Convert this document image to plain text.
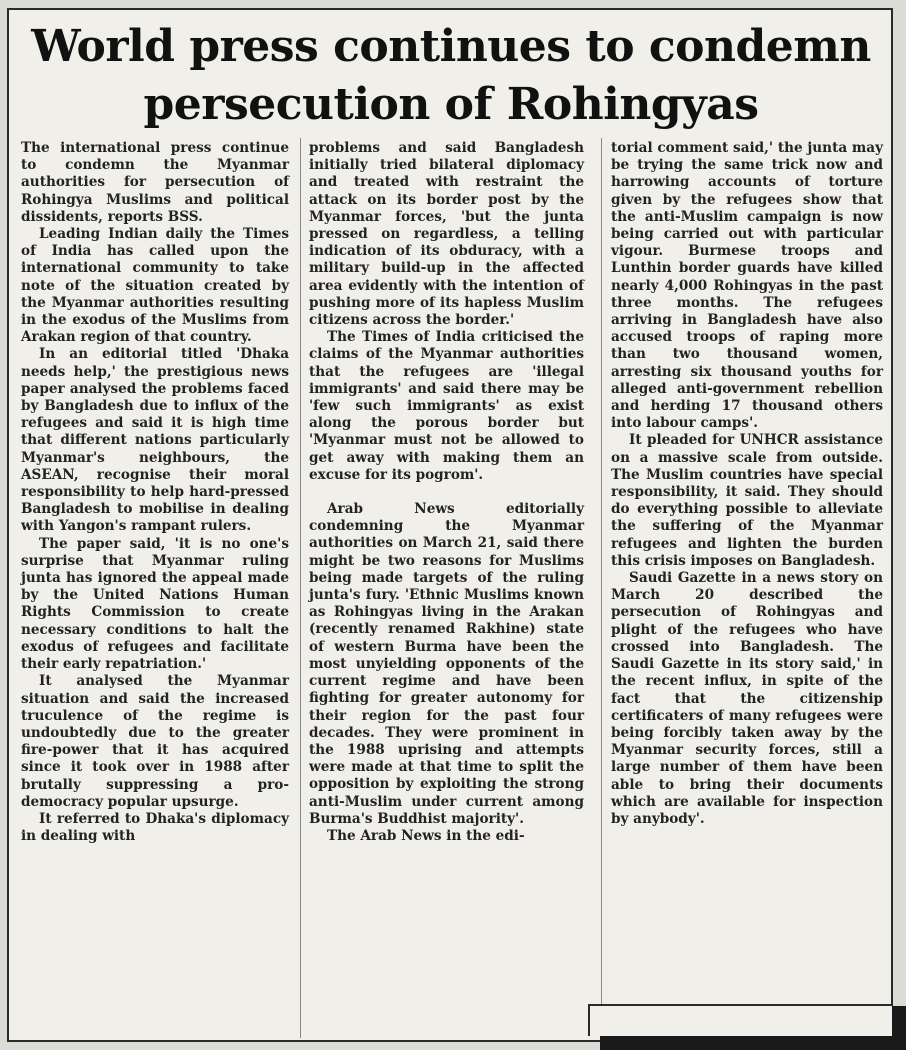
World press continues to condemn persecution of Rohingyas

The international press continue to condemn the Myanmar authorities for persecution of Rohingya Muslims and political dissidents, reports BSS.

Leading Indian daily the Times of India has called upon the international community to take note of the situation created by the Myanmar authorities resulting in the exodus of the Muslims from Arakan region of that country.

In an editorial titled 'Dhaka needs help,' the prestigious news paper analysed the problems faced by Bangladesh due to influx of the refugees and said it is high time that different nations particularly Myanmar's neighbours, the ASEAN, recognise their moral responsibility to help hard-pressed Bangladesh to mobilise in dealing with Yangon's rampant rulers.

The paper said, 'it is no one's surprise that Myanmar ruling junta has ignored the appeal made by the United Nations Human Rights Commission to create necessary conditions to halt the exodus of refugees and facilitate their early repatriation.'

It analysed the Myanmar situation and said the increased truculence of the regime is undoubtedly due to the greater fire-power that it has acquired since it took over in 1988 after brutally suppressing a pro-democracy popular upsurge.

It referred to Dhaka's diplomacy in dealing with

problems and said Bangladesh initially tried bilateral diplomacy and treated with restraint the attack on its border post by the Myanmar forces, 'but the junta pressed on regardless, a telling indication of its obduracy, with a military build-up in the affected area evidently with the intention of pushing more of its hapless Muslim citizens across the border.'

The Times of India criticised the claims of the Myanmar authorities that the refugees are 'illegal immigrants' and said there may be 'few such immigrants' as exist along the porous border but 'Myanmar must not be allowed to get away with making them an excuse for its pogrom'.

Arab News editorially condemning the Myanmar authorities on March 21, said there might be two reasons for Muslims being made targets of the ruling junta's fury. 'Ethnic Muslims known as Rohingyas living in the Arakan (recently renamed Rakhine) state of western Burma have been the most unyielding opponents of the current regime and have been fighting for greater autonomy for their region for the past four decades. They were prominent in the 1988 uprising and attempts were made at that time to split the opposition by exploiting the strong anti-Muslim under current among Burma's Buddhist majority'.

The Arab News in the edi-

torial comment said,' the junta may be trying the same trick now and harrowing accounts of torture given by the refugees show that the anti-Muslim campaign is now being carried out with particular vigour. Burmese troops and Lunthin border guards have killed nearly 4,000 Rohingyas in the past three months. The refugees arriving in Bangladesh have also accused troops of raping more than two thousand women, arresting six thousand youths for alleged anti-government rebellion and herding 17 thousand others into labour camps'.

It pleaded for UNHCR assistance on a massive scale from outside. The Muslim countries have special responsibility, it said. They should do everything possible to alleviate the suffering of the Myanmar refugees and lighten the burden this crisis imposes on Bangladesh.

Saudi Gazette in a news story on March 20 described the persecution of Rohingyas and plight of the refugees who have crossed into Bangladesh. The Saudi Gazette in its story said,' in the recent influx, in spite of the fact that the citizenship certificaters of many refugees were being forcibly taken away by the Myanmar security forces, still a large number of them have been able to bring their documents which are available for inspection by anybody'.
